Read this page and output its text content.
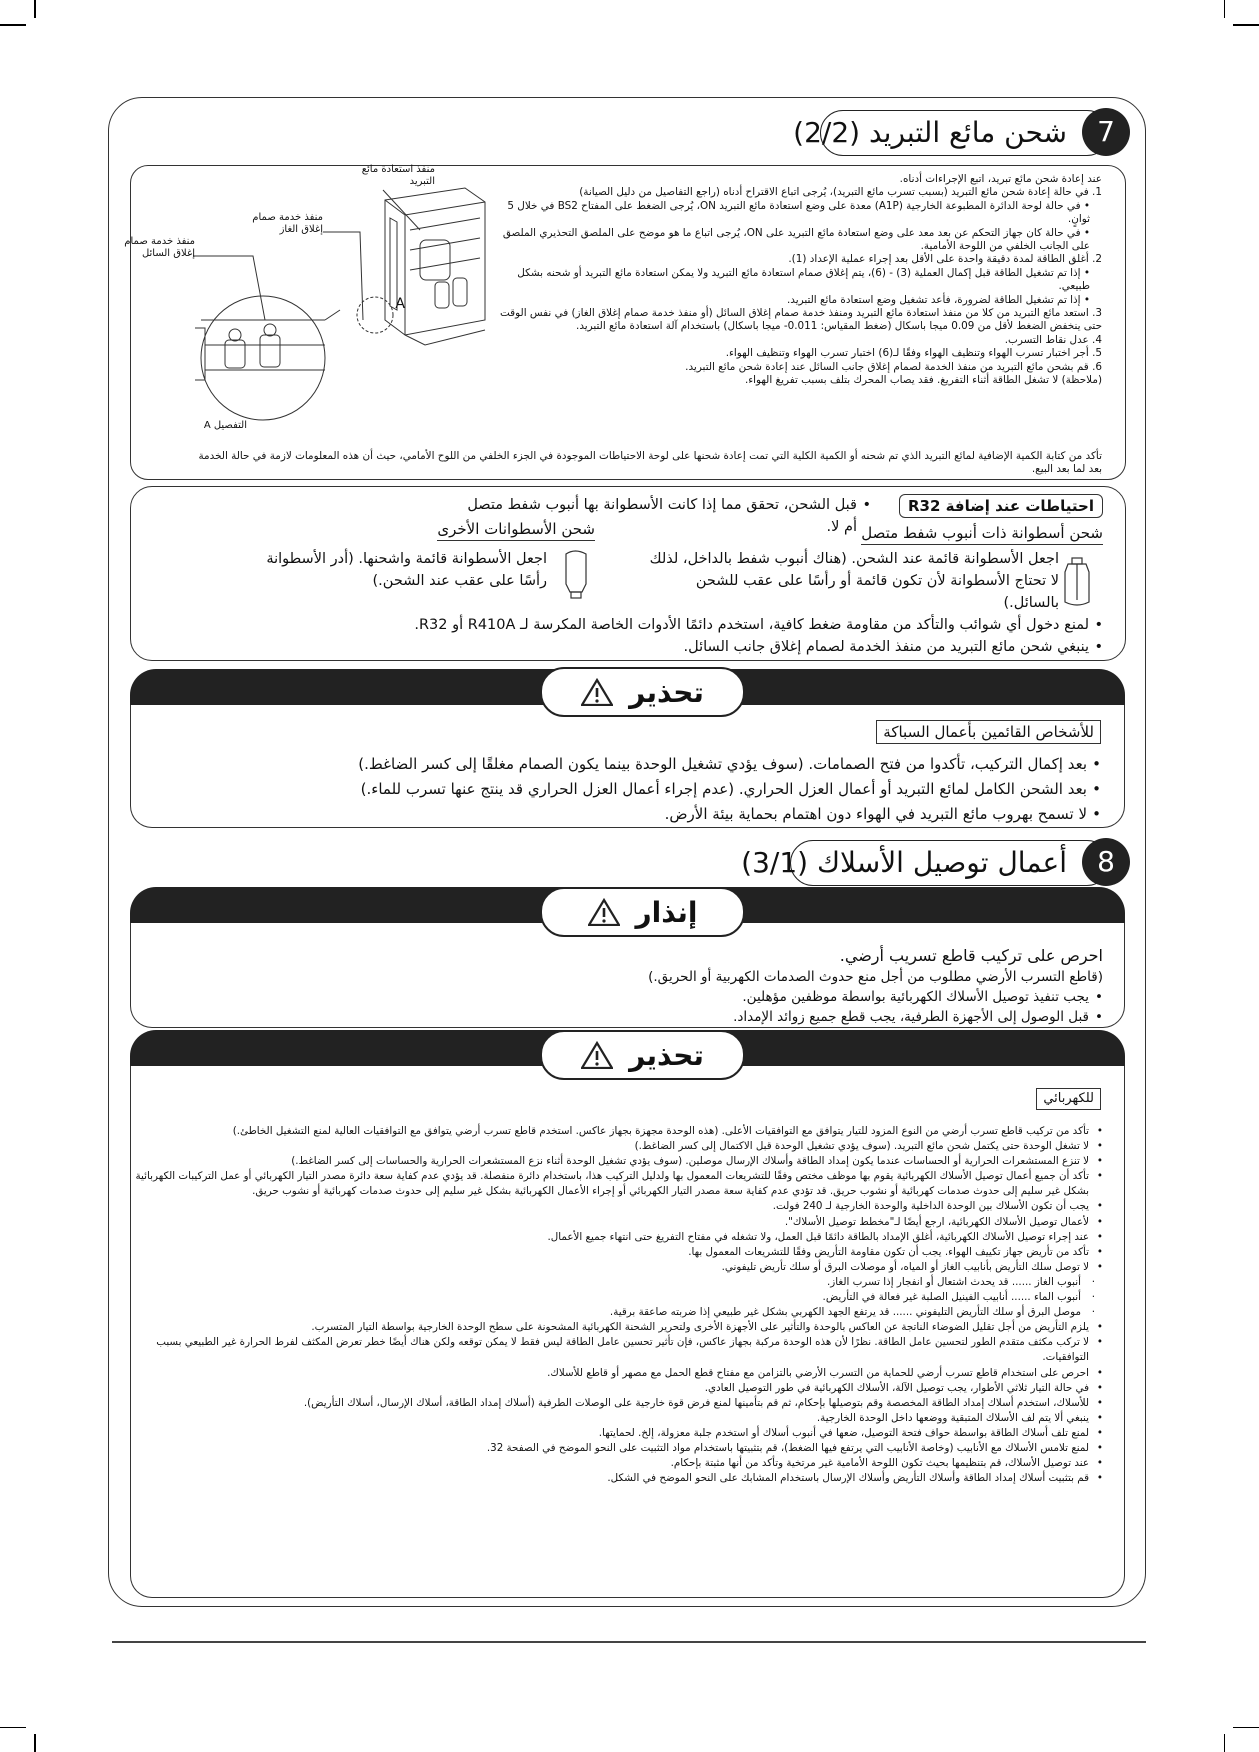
شحن مائع التبريد (2/2)	7
منفذ استعادة مائع
التبريد
منفذ خدمة صمام
إغلاق الغاز
منفذ خدمة صمام
إغلاق السائل
A
التفصيل A

عند إعادة شحن مائع تبريد، اتبع الإجراءات أدناه.

1. في حالة إعادة شحن مائع التبريد (بسبب تسرب مائع التبريد)، يُرجى اتباع الاقتراح أدناه (راجع التفاصيل من دليل الصيانة)

• في حالة لوحة الدائرة المطبوعة الخارجية (A1P) معدة على وضع استعادة مائع التبريد ON، يُرجى الضغط على المفتاح BS2 في خلال 5 ثوانٍ.

• في حالة كان جهاز التحكم عن بعد معد على وضع استعادة مائع التبريد على ON، يُرجى اتباع ما هو موضح على الملصق التحذيري الملصق على الجانب الخلفي من اللوحة الأمامية.

2. أغلق الطاقة لمدة دقيقة واحدة على الأقل بعد إجراء عملية الإعداد (1).

• إذا تم تشغيل الطاقة قبل إكمال العملية (3) - (6)، يتم إغلاق صمام استعادة مائع التبريد ولا يمكن استعادة مائع التبريد أو شحنه بشكل طبيعي.

• إذا تم تشغيل الطاقة لضرورة، فأعد تشغيل وضع استعادة مائع التبريد.

3. استعد مائع التبريد من كلا من منفذ استعادة مائع التبريد ومنفذ خدمة صمام إغلاق السائل (أو منفذ خدمة صمام إغلاق الغاز) في نفس الوقت حتى ينخفض الضغط لأقل من 0.09 ميجا باسكال (ضغط المقياس: 0.011- ميجا باسكال) باستخدام آلة استعادة مائع التبريد.

4. عدل نقاط التسرب.

5. أجر اختبار تسرب الهواء وتنظيف الهواء وفقًا لـ(6) اختبار تسرب الهواء وتنظيف الهواء.

6. قم بشحن مائع التبريد من منفذ الخدمة لصمام إغلاق جانب السائل عند إعادة شحن مائع التبريد.

(ملاحظة) لا تشغل الطاقة أثناء التفريغ. فقد يصاب المحرك بتلف بسبب تفريغ الهواء.

تأكد من كتابة الكمية الإضافية لمائع التبريد الذي تم شحنه أو الكمية الكلية التي تمت إعادة شحنها على لوحة الاحتياطات الموجودة في الجزء الخلفي من اللوح الأمامي، حيث أن هذه المعلومات لازمة في حالة الخدمة بعد لما بعد البيع.

احتياطات عند إضافة R32
• قبل الشحن، تحقق مما إذا كانت الأسطوانة بها أنبوب شفط متصل أم لا. شحن أسطوانة ذات أنبوب شفط متصل
شحن الأسطوانات الأخرى
اجعل الأسطوانة قائمة عند الشحن. (هناك أنبوب شفط بالداخل، لذلك لا تحتاج الأسطوانة لأن تكون قائمة أو رأسًا على عقب للشحن بالسائل.)
اجعل الأسطوانة قائمة واشحنها. (أدر الأسطوانة رأسًا على عقب عند الشحن.)
• لمنع دخول أي شوائب والتأكد من مقاومة ضغط كافية، استخدم دائمًا الأدوات الخاصة المكرسة لـ R410A أو R32.
• ينبغي شحن مائع التبريد من منفذ الخدمة لصمام إغلاق جانب السائل.
تحذير
للأشخاص القائمين بأعمال السباكة
• بعد إكمال التركيب، تأكدوا من فتح الصمامات. (سوف يؤدي تشغيل الوحدة بينما يكون الصمام مغلقًا إلى كسر الضاغط.)
• بعد الشحن الكامل لمائع التبريد أو أعمال العزل الحراري. (عدم إجراء أعمال العزل الحراري قد ينتج عنها تسرب للماء.)
• لا تسمح بهروب مائع التبريد في الهواء دون اهتمام بحماية بيئة الأرض.
أعمال توصيل الأسلاك (3/1)	8
إنذار
احرص على تركيب قاطع تسريب أرضي.
(قاطع التسرب الأرضي مطلوب من أجل منع حدوث الصدمات الكهربية أو الحريق.)
• يجب تنفيذ توصيل الأسلاك الكهربائية بواسطة موظفين مؤهلين.
• قبل الوصول إلى الأجهزة الطرفية، يجب قطع جميع زوائد الإمداد.
تحذير
للكهربائي
• تأكد من تركيب قاطع تسرب أرضي من النوع المزود للتيار يتوافق مع التوافقيات الأعلى. (هذه الوحدة مجهزة بجهاز عاكس. استخدم قاطع تسرب أرضي يتوافق مع التوافقيات العالية لمنع التشغيل الخاطئ.)
• لا تشغل الوحدة حتى يكتمل شحن مائع التبريد. (سوف يؤدي تشغيل الوحدة قبل الاكتمال إلى كسر الضاغط.)
• لا تنزع المستشعرات الحرارية أو الحساسات عندما يكون إمداد الطاقة وأسلاك الإرسال موصلين. (سوف يؤدي تشغيل الوحدة أثناء نزع المستشعرات الحرارية والحساسات إلى كسر الضاغط.)
• تأكد أن جميع أعمال توصيل الأسلاك الكهربائية يقوم بها موظف مختص وفقًا للتشريعات المعمول بها ولدليل التركيب هذا، باستخدام دائرة منفصلة. قد يؤدي عدم كفاية سعة دائرة مصدر التيار الكهربائي أو عمل التركيبات الكهربائية بشكل غير سليم إلى حدوث صدمات كهربائية أو نشوب حريق. قد تؤدي عدم كفاية سعة مصدر التيار الكهربائي أو إجراء الأعمال الكهربائية بشكل غير سليم إلى حدوث صدمات كهربائية أو نشوب حريق.
• يجب أن تكون الأسلاك بين الوحدة الداخلية والوحدة الخارجية لـ 240 فولت.
• لأعمال توصيل الأسلاك الكهربائية، ارجع أيضًا لـ"مخطط توصيل الأسلاك".
• عند إجراء توصيل الأسلاك الكهربائية، أغلق الإمداد بالطاقة دائمًا قبل العمل، ولا تشغله في مفتاح التفريغ حتى انتهاء جميع الأعمال.
• تأكد من تأريض جهاز تكييف الهواء. يجب أن تكون مقاومة التأريض وفقًا للتشريعات المعمول بها.
• لا توصل سلك التأريض بأنابيب الغاز أو المياه، أو موصلات البرق أو سلك تأريض تليفوني.
· أنبوب الغاز ...... قد يحدث اشتعال أو انفجار إذا تسرب الغاز.
· أنبوب الماء ...... أنابيب الفينيل الصلبة غير فعالة في التأريض.
· موصل البرق أو سلك التأريض التليفوني ...... قد يرتفع الجهد الكهربي بشكل غير طبيعي إذا ضربته صاعقة برقية.
• يلزم التأريض من أجل تقليل الضوضاء الناتجة عن العاكس بالوحدة والتأثير على الأجهزة الأخرى ولتحرير الشحنة الكهربائية المشحونة على سطح الوحدة الخارجية بواسطة التيار المتسرب.
• لا تركب مكثف متقدم الطور لتحسين عامل الطاقة. نظرًا لأن هذه الوحدة مركبة بجهاز عاكس، فإن تأثير تحسين عامل الطاقة ليس فقط لا يمكن توقعه ولكن هناك أيضًا خطر تعرض المكثف لفرط الحرارة غير الطبيعي بسبب التوافقيات.
• احرص على استخدام قاطع تسرب أرضي للحماية من التسرب الأرضي بالتزامن مع مفتاح قطع الحمل مع مصهر أو قاطع للأسلاك.
• في حالة التيار ثلاثي الأطوار، يجب توصيل الآلة، الأسلاك الكهربائية في طور التوصيل العادي.
• للأسلاك، استخدم أسلاك إمداد الطاقة المخصصة وقم بتوصيلها بإحكام، ثم قم بتأمينها لمنع فرض قوة خارجية على الوصلات الطرفية (أسلاك إمداد الطاقة، أسلاك الإرسال، أسلاك التأريض).
• ينبغي ألا يتم لف الأسلاك المتبقية ووضعها داخل الوحدة الخارجية.
• لمنع تلف أسلاك الطاقة بواسطة حواف فتحة التوصيل، ضعها في أنبوب أسلاك أو استخدم جلبة معزولة، إلخ. لحمايتها.
• لمنع تلامس الأسلاك مع الأنابيب (وخاصة الأنابيب التي يرتفع فيها الضغط)، قم بتثبيتها باستخدام مواد التثبيت على النحو الموضح في الصفحة 32.
• عند توصيل الأسلاك، قم بتنظيمها بحيث تكون اللوحة الأمامية غير مرتخية وتأكد من أنها مثبتة بإحكام.
• قم بتثبيت أسلاك إمداد الطاقة وأسلاك التأريض وأسلاك الإرسال باستخدام المشابك على النحو الموضح في الشكل.
